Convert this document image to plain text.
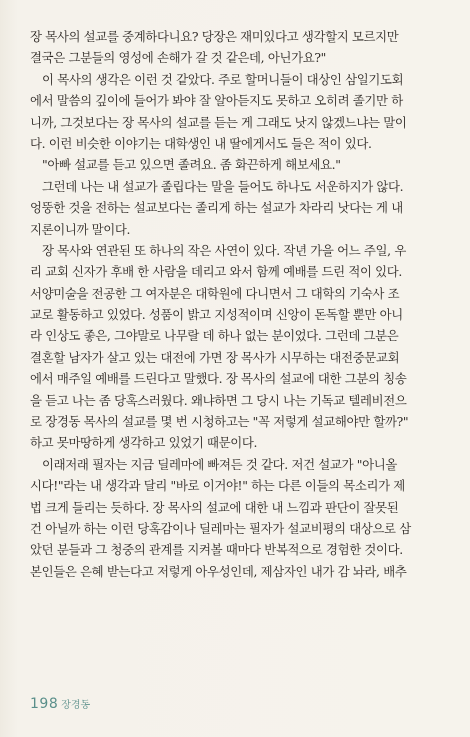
장 목사의 설교를 중계하다니요? 당장은 재미있다고 생각할지 모르지만
결국은 그분들의 영성에 손해가 갈 것 같은데, 아닌가요?"
이 목사의 생각은 이런 것 같았다. 주로 할머니들이 대상인 삼일기도회
에서 말씀의 깊이에 들어가 봐야 잘 알아듣지도 못하고 오히려 졸기만 하
니까, 그것보다는 장 목사의 설교를 듣는 게 그래도 낫지 않겠느냐는 말이
다. 이런 비슷한 이야기는 대학생인 내 딸에게서도 들은 적이 있다.
"아빠 설교를 듣고 있으면 졸려요. 좀 화끈하게 해보세요."
그런데 나는 내 설교가 졸립다는 말을 들어도 하나도 서운하지가 않다.
엉뚱한 것을 전하는 설교보다는 졸리게 하는 설교가 차라리 낫다는 게 내
지론이니까 말이다.
장 목사와 연관된 또 하나의 작은 사연이 있다. 작년 가을 어느 주일, 우
리 교회 신자가 후배 한 사람을 데리고 와서 함께 예배를 드린 적이 있다.
서양미술을 전공한 그 여자분은 대학원에 다니면서 그 대학의 기숙사 조
교로 활동하고 있었다. 성품이 밝고 지성적이며 신앙이 돈독할 뿐만 아니
라 인상도 좋은, 그야말로 나무랄 데 하나 없는 분이었다. 그런데 그분은
결혼할 남자가 살고 있는 대전에 가면 장 목사가 시무하는 대전중문교회
에서 매주일 예배를 드린다고 말했다. 장 목사의 설교에 대한 그분의 칭송
을 듣고 나는 좀 당혹스러웠다. 왜냐하면 그 당시 나는 기독교 텔레비전으
로 장경동 목사의 설교를 몇 번 시청하고는 "꼭 저렇게 설교해야만 할까?"
하고 못마땅하게 생각하고 있었기 때문이다.
이래저래 필자는 지금 딜레마에 빠져든 것 같다. 저건 설교가 "아니올
시다!"라는 내 생각과 달리 "바로 이거야!" 하는 다른 이들의 목소리가 제
법 크게 들리는 듯하다. 장 목사의 설교에 대한 내 느낌과 판단이 잘못된
건 아닐까 하는 이런 당혹감이나 딜레마는 필자가 설교비평의 대상으로 삼
았던 분들과 그 청중의 관계를 지켜볼 때마다 반복적으로 경험한 것이다.
본인들은 은혜 받는다고 저렇게 아우성인데, 제삼자인 내가 감 놔라, 배추
198 장경동
